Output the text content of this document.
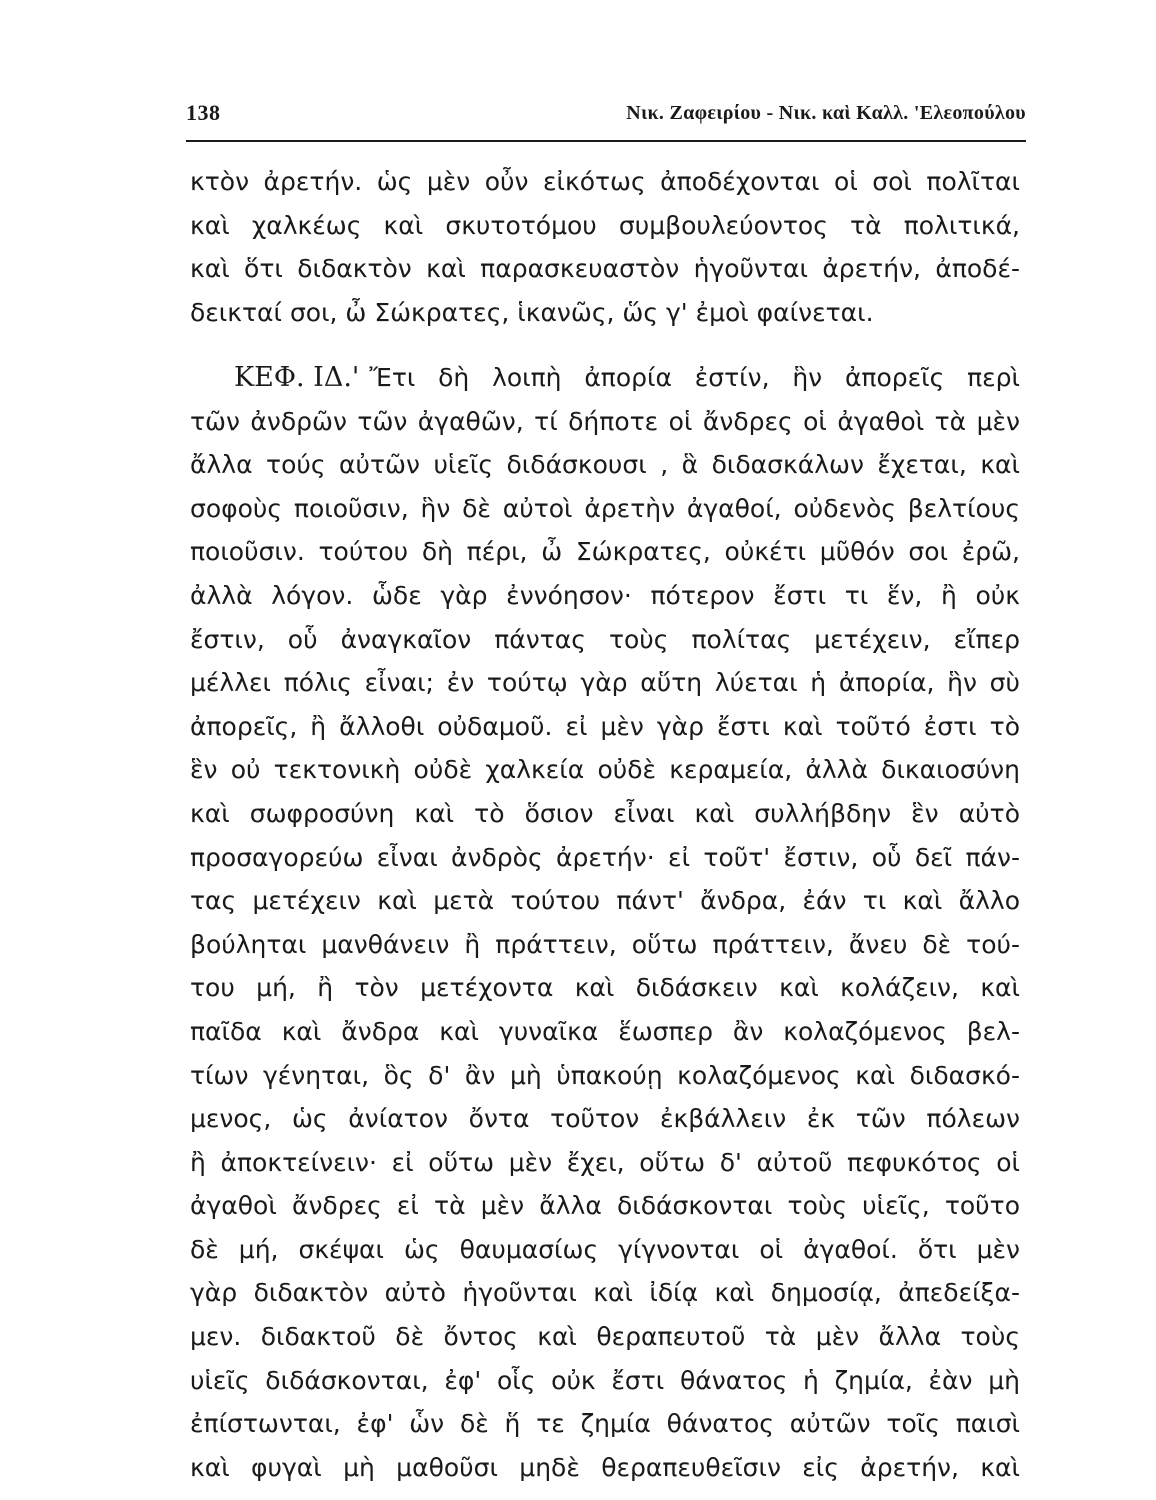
138	Νικ. Ζαφειρίου - Νικ. καὶ Καλλ. 'Ελεοπούλου
κτὸν ἀρετήν. ὡς μὲν οὖν εἰκότως ἀποδέχονται οἱ σοὶ πολῖται
καὶ χαλκέως καὶ σκυτοτόμου συμβουλεύοντος τὰ πολιτικά,
καὶ ὅτι διδακτὸν καὶ παρασκευαστὸν ἡγοῦνται ἀρετήν, ἀποδέ-
δεικταί σοι, ὦ Σώκρατες, ἱκανῶς, ὥς γ' ἐμοὶ φαίνεται.
ΚΕΦ. ΙΔ.' Ἔτι δὴ λοιπὴ ἀπορία ἐστίν, ἣν ἀπορεῖς περὶ
τῶν ἀνδρῶν τῶν ἀγαθῶν, τί δήποτε οἱ ἄνδρες οἱ ἀγαθοὶ τὰ μὲν
ἄλλα τούς αὐτῶν υἱεῖς διδάσκουσι , ἃ διδασκάλων ἔχεται, καὶ
σοφοὺς ποιοῦσιν, ἣν δὲ αὐτοὶ ἀρετὴν ἀγαθοί, οὐδενὸς βελτίους
ποιοῦσιν. τούτου δὴ πέρι, ὦ Σώκρατες, οὐκέτι μῦθόν σοι ἐρῶ,
ἀλλὰ λόγον. ὧδε γὰρ ἐννόησον· πότερον ἔστι τι ἕν, ἢ οὐκ
ἔστιν, οὗ ἀναγκαῖον πάντας τοὺς πολίτας μετέχειν, εἴπερ
μέλλει πόλις εἶναι; ἐν τούτῳ γὰρ αὕτη λύεται ἡ ἀπορία, ἣν σὺ
ἀπορεῖς, ἢ ἄλλοθι οὐδαμοῦ. εἰ μὲν γὰρ ἔστι καὶ τοῦτό ἐστι τὸ
ἓν οὐ τεκτονικὴ οὐδὲ χαλκεία οὐδὲ κεραμεία, ἀλλὰ δικαιοσύνη
καὶ σωφροσύνη καὶ τὸ ὅσιον εἶναι καὶ συλλήβδην ἓν αὐτὸ
προσαγορεύω εἶναι ἀνδρὸς ἀρετήν· εἰ τοῦτ' ἔστιν, οὗ δεῖ πάν-
τας μετέχειν καὶ μετὰ τούτου πάντ' ἄνδρα, ἐάν τι καὶ ἄλλο
βούληται μανθάνειν ἢ πράττειν, οὕτω πράττειν, ἄνευ δὲ τού-
του μή, ἢ τὸν μετέχοντα καὶ διδάσκειν καὶ κολάζειν, καὶ
παῖδα καὶ ἄνδρα καὶ γυναῖκα ἕωσπερ ἂν κολαζόμενος βελ-
τίων γένηται, ὃς δ' ἂν μὴ ὑπακούῃ κολαζόμενος καὶ διδασκό-
μενος, ὡς ἀνίατον ὄντα τοῦτον ἐκβάλλειν ἐκ τῶν πόλεων
ἢ ἀποκτείνειν· εἰ οὕτω μὲν ἔχει, οὕτω δ' αὐτοῦ πεφυκότος οἱ
ἀγαθοὶ ἄνδρες εἰ τὰ μὲν ἄλλα διδάσκονται τοὺς υἱεῖς, τοῦτο
δὲ μή, σκέψαι ὡς θαυμασίως γίγνονται οἱ ἀγαθοί. ὅτι μὲν
γὰρ διδακτὸν αὐτὸ ἡγοῦνται καὶ ἰδίᾳ καὶ δημοσίᾳ, ἀπεδείξα-
μεν. διδακτοῦ δὲ ὄντος καὶ θεραπευτοῦ τὰ μὲν ἄλλα τοὺς
υἱεῖς διδάσκονται, ἐφ' οἷς οὐκ ἔστι θάνατος ἡ ζημία, ἐὰν μὴ
ἐπίστωνται, ἐφ' ὧν δὲ ἥ τε ζημία θάνατος αὐτῶν τοῖς παισὶ
καὶ φυγαὶ μὴ μαθοῦσι μηδὲ θεραπευθεῖσιν εἰς ἀρετήν, καὶ
